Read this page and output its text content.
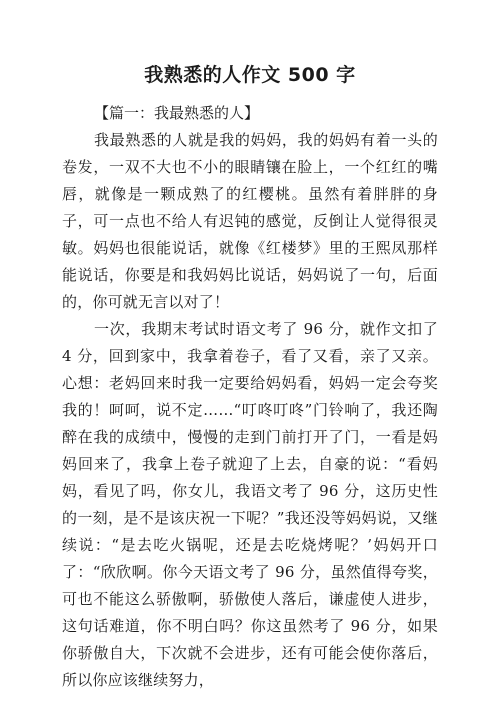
我熟悉的人作文 500 字
【篇一：我最熟悉的人】

我最熟悉的人就是我的妈妈，我的妈妈有着一头的卷发，一双不大也不小的眼睛镶在脸上，一个红红的嘴唇，就像是一颗成熟了的红樱桃。虽然有着胖胖的身子，可一点也不给人有迟钝的感觉，反倒让人觉得很灵敏。妈妈也很能说话，就像《红楼梦》里的王熙凤那样能说话，你要是和我妈妈比说话，妈妈说了一句，后面的，你可就无言以对了！

一次，我期末考试时语文考了 96 分，就作文扣了 4 分，回到家中，我拿着卷子，看了又看，亲了又亲。心想：老妈回来时我一定要给妈妈看，妈妈一定会夸奖我的！呵呵，说不定……“叮咚叮咚”门铃响了，我还陶醉在我的成绩中，慢慢的走到门前打开了门，一看是妈妈回来了，我拿上卷子就迎了上去，自豪的说：“看妈妈，看见了吗，你女儿，我语文考了 96 分，这历史性的一刻，是不是该庆祝一下呢？”我还没等妈妈说，又继续说：“是去吃火锅呢，还是去吃烧烤呢？’妈妈开口了：“欣欣啊。你今天语文考了 96 分，虽然值得夸奖，可也不能这么骄傲啊，骄傲使人落后，谦虚使人进步，这句话难道，你不明白吗？你这虽然考了 96 分，如果你骄傲自大，下次就不会进步，还有可能会使你落后，所以你应该继续努力，
